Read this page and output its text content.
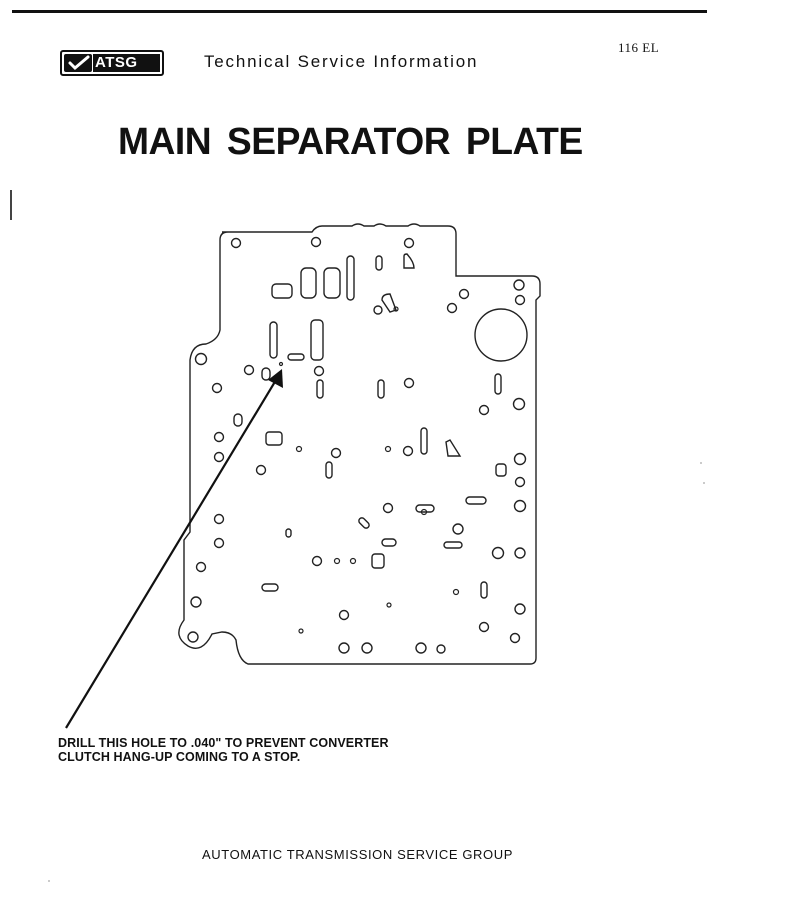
116 EL
ATSG	Technical Service Information
MAIN SEPARATOR PLATE
DRILL THIS HOLE TO .040" TO PREVENT CONVERTER
CLUTCH HANG-UP COMING TO A STOP.
AUTOMATIC TRANSMISSION SERVICE GROUP
